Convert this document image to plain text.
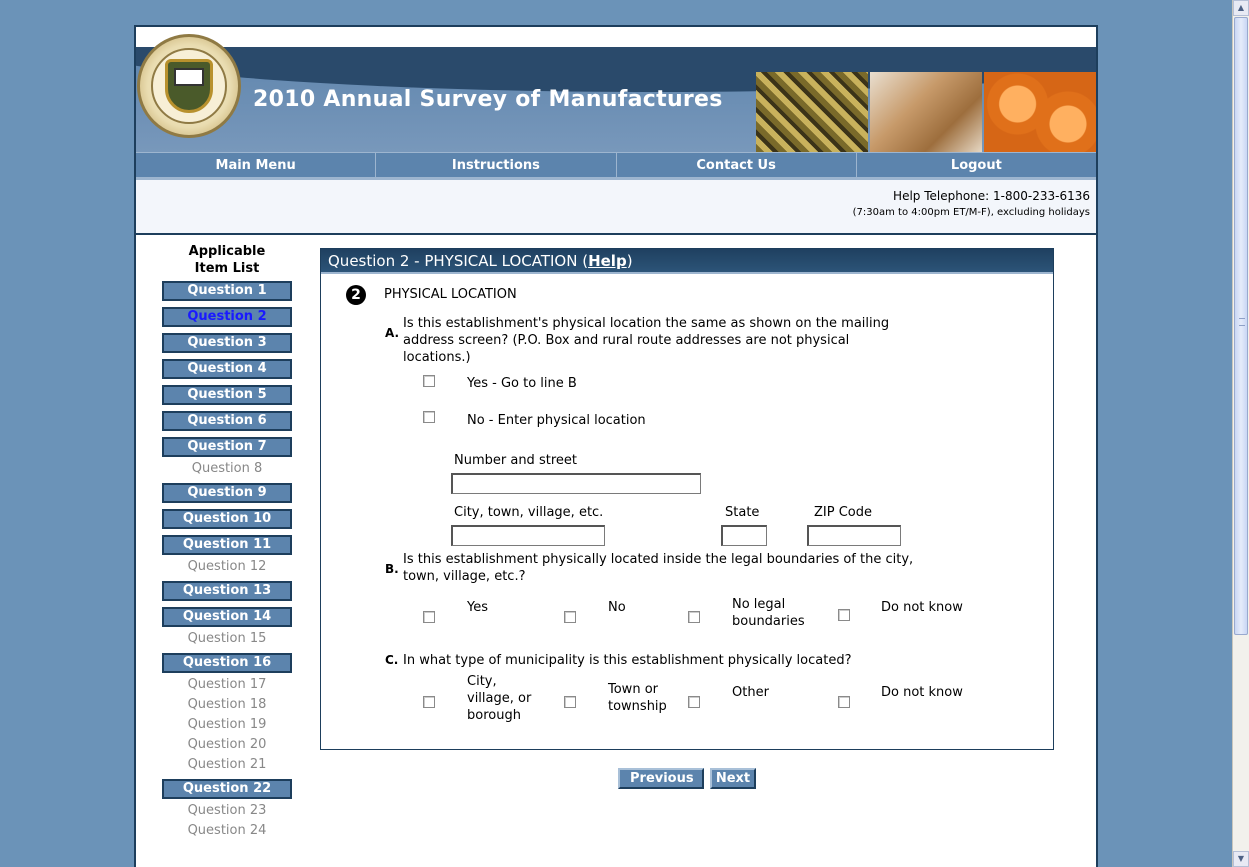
2010 Annual Survey of Manufactures
Main Menu	Instructions	Contact Us	Logout
Help Telephone: 1-800-233-6136
(7:30am to 4:00pm ET/M-F), excluding holidays
Applicable
Item List
Question 1
Question 2
Question 3
Question 4
Question 5
Question 6
Question 7
Question 8
Question 9
Question 10
Question 11
Question 12
Question 13
Question 14
Question 15
Question 16
Question 17
Question 18
Question 19
Question 20
Question 21
Question 22
Question 23
Question 24
Question 2 - PHYSICAL LOCATION (Help)
2	PHYSICAL LOCATION
A.
Is this establishment's physical location the same as shown on the mailing
address screen? (P.O. Box and rural route addresses are not physical
locations.)
Yes - Go to line B
No - Enter physical location
Number and street
City, town, village, etc.	State	ZIP Code
B.
Is this establishment physically located inside the legal boundaries of the city,
town, village, etc.?
Yes	No	No legal
boundaries
Do not know
C. In what type of municipality is this establishment physically located?
City,
village, or
borough
Town or
township
Other	Do not know
Previous	Next
▲
▼
